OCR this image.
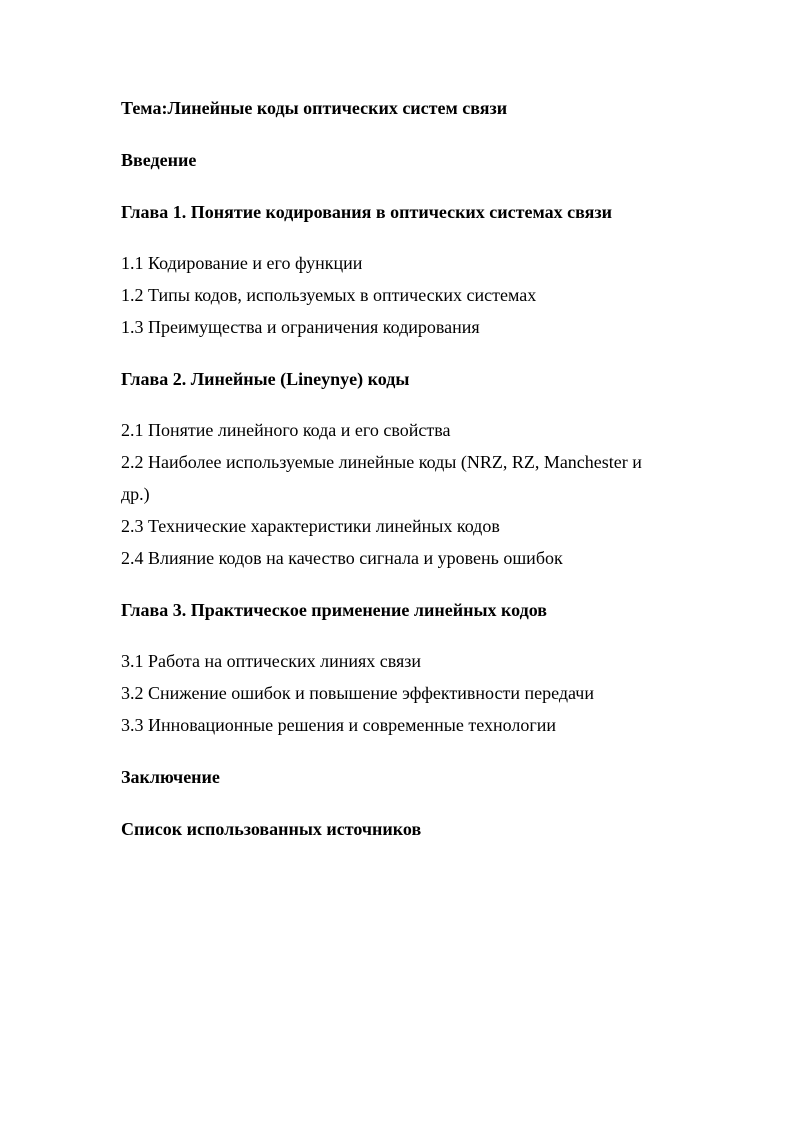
Тема:Линейные коды оптических систем связи
Введение
Глава 1. Понятие кодирования в оптических системах связи
1.1 Кодирование и его функции
1.2 Типы кодов, используемых в оптических системах
1.3 Преимущества и ограничения кодирования
Глава 2. Линейные (Lineynye) коды
2.1 Понятие линейного кода и его свойства
2.2 Наиболее используемые линейные коды (NRZ, RZ, Manchester и
др.)
2.3 Технические характеристики линейных кодов
2.4 Влияние кодов на качество сигнала и уровень ошибок
Глава 3. Практическое применение линейных кодов
3.1 Работа на оптических линиях связи
3.2 Снижение ошибок и повышение эффективности передачи
3.3 Инновационные решения и современные технологии
Заключение
Список использованных источников
